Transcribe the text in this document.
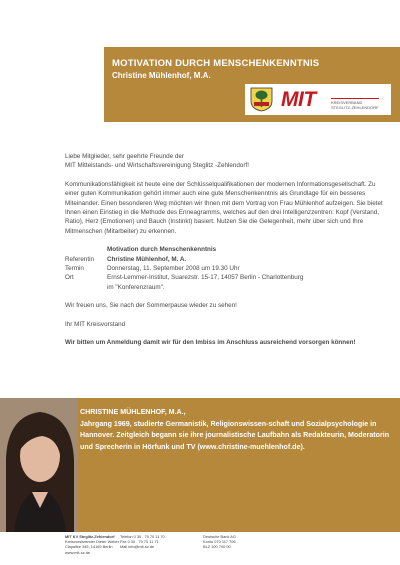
MOTIVATION DURCH MENSCHENKENNTNIS
Christine Mühlenhof, M.A.
MIT	KREISVERBAND
STEGLITZ-ZEHLENDORF

Liebe Mitglieder, sehr geehrte Freunde der
MIT Mittelstands- und Wirtschaftsvereinigung Steglitz -Zehlendorf!

Kommunikationsfähigkeit ist heute eine der Schlüsselqualifikationen der modernen Informationsgesellschaft. Zu einer guten Kommunikation gehört immer auch eine gute Menschenkenntnis als Grundlage für ein besseres Miteinander. Einen besonderen Weg möchten wir Ihnen mit dem Vortrag von Frau Mühlenhof aufzeigen. Sie bietet Ihnen einen Einstieg in die Methode des Enneagramms, welches auf den drei Intelligenzzentren: Kopf (Verstand, Ratio), Herz (Emotionen) und Bauch (Instinkt) basiert. Nutzen Sie die Gelegenheit, mehr über sich und Ihre Mitmenschen (Mitarbeiter) zu erkennen.

Motivation durch Menschenkenntnis
Referentin	Christine Mühlenhof, M. A.
Termin	Donnerstag, 11. September 2008 um 19.30 Uhr
Ort	Ernst-Lemmer-Institut, Suarezstr. 15-17, 14057 Berlin - Charlottenburg
im "Konferenzraum".

Wir freuen uns, Sie nach der Sommerpause wieder zu sehen!

Ihr MIT Kreisvorstand

Wir bitten um Anmeldung damit wir für den Imbiss im Anschluss ausreichend vorsorgen können!

CHRISTINE MÜHLENHOF, M.A.,
Jahrgang 1969, studierte Germanistik, Religionswissen-schaft und Sozialpsychologie in Hannover. Zeitgleich begann sie ihre journalistische Laufbahn als Redakteurin, Moderatorin und Sprecherin in Hörfunk und TV (www.christine-muehlenhof.de).
MIT KV Steglitz-Zehlendorf
Kreisvorsitzender Dieter Weber
Clayallee 345, 14169 Berlin
www.mit-sz.de
Telefon 0 30 . 79 70 11 70
Fax 0 30 . 79 70 11 71
Mail info@mit-sz.de
Deutsche Bank AG
Konto 070 117 706
BLZ 100 700 00
